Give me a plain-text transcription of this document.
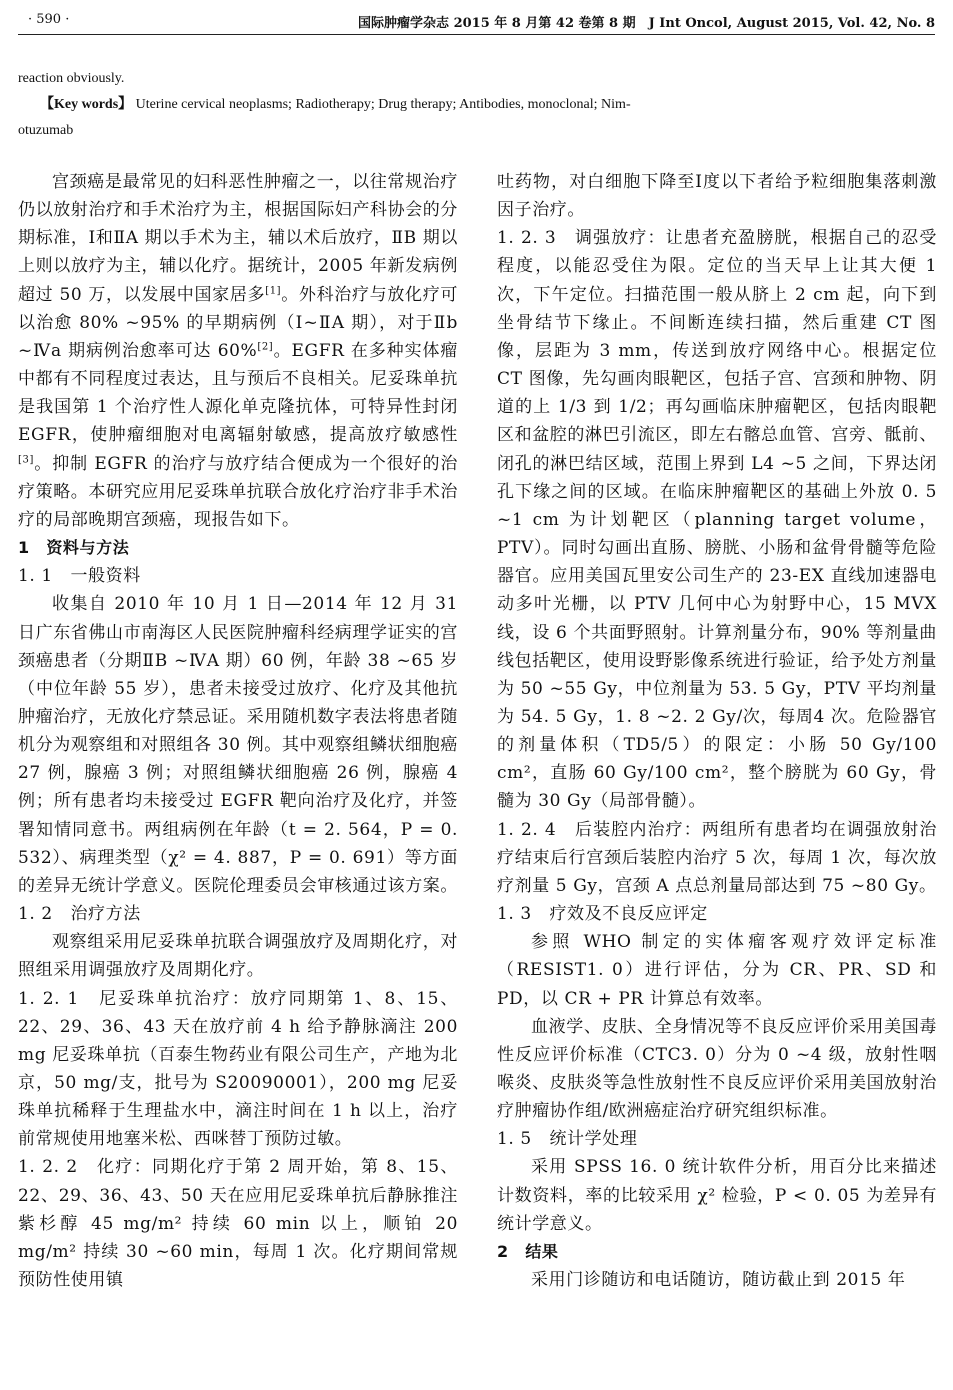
· 590 ·	国际肿瘤学杂志 2015 年 8 月第 42 卷第 8 期　J Int Oncol, August 2015, Vol. 42, No. 8

reaction obviously.

【Key words】 Uterine cervical neoplasms; Radiotherapy; Drug therapy; Antibodies, monoclonal; Nim-

otuzumab

宫颈癌是最常见的妇科恶性肿瘤之一，以往常规治疗仍以放射治疗和手术治疗为主，根据国际妇产科协会的分期标准，Ⅰ和ⅡA 期以手术为主，辅以术后放疗，ⅡB 期以上则以放疗为主，辅以化疗。据统计，2005 年新发病例超过 50 万，以发展中国家居多[1]。外科治疗与放化疗可以治愈 80% ~95% 的早期病例（Ⅰ~ⅡA 期），对于Ⅱb ~Ⅳa 期病例治愈率可达 60%[2]。EGFR 在多种实体瘤中都有不同程度过表达，且与预后不良相关。尼妥珠单抗是我国第 1 个治疗性人源化单克隆抗体，可特异性封闭 EGFR，使肿瘤细胞对电离辐射敏感，提高放疗敏感性[3]。抑制 EGFR 的治疗与放疗结合便成为一个很好的治疗策略。本研究应用尼妥珠单抗联合放化疗治疗非手术治疗的局部晚期宫颈癌，现报告如下。

1　资料与方法

1. 1　一般资料

收集自 2010 年 10 月 1 日—2014 年 12 月 31 日广东省佛山市南海区人民医院肿瘤科经病理学证实的宫颈癌患者（分期ⅡB ~ⅣA 期）60 例，年龄 38 ~65 岁（中位年龄 55 岁），患者未接受过放疗、化疗及其他抗肿瘤治疗，无放化疗禁忌证。采用随机数字表法将患者随机分为观察组和对照组各 30 例。其中观察组鳞状细胞癌 27 例，腺癌 3 例；对照组鳞状细胞癌 26 例，腺癌 4 例；所有患者均未接受过 EGFR 靶向治疗及化疗，并签署知情同意书。两组病例在年龄（t = 2. 564，P = 0. 532）、病理类型（χ² = 4. 887，P = 0. 691）等方面的差异无统计学意义。医院伦理委员会审核通过该方案。

1. 2　治疗方法

观察组采用尼妥珠单抗联合调强放疗及周期化疗，对照组采用调强放疗及周期化疗。

1. 2. 1　尼妥珠单抗治疗：放疗同期第 1、8、15、22、29、36、43 天在放疗前 4 h 给予静脉滴注 200 mg 尼妥珠单抗（百泰生物药业有限公司生产，产地为北京，50 mg/支，批号为 S20090001），200 mg 尼妥珠单抗稀释于生理盐水中，滴注时间在 1 h 以上，治疗前常规使用地塞米松、西咪替丁预防过敏。

1. 2. 2　化疗：同期化疗于第 2 周开始，第 8、15、22、29、36、43、50 天在应用尼妥珠单抗后静脉推注紫杉醇 45 mg/m² 持续 60 min 以上，顺铂 20 mg/m² 持续 30 ~60 min，每周 1 次。化疗期间常规预防性使用镇

吐药物，对白细胞下降至Ⅰ度以下者给予粒细胞集落刺激因子治疗。

1. 2. 3　调强放疗：让患者充盈膀胱，根据自己的忍受程度，以能忍受住为限。定位的当天早上让其大便 1 次，下午定位。扫描范围一般从脐上 2 cm 起，向下到坐骨结节下缘止。不间断连续扫描，然后重建 CT 图像，层距为 3 mm，传送到放疗网络中心。根据定位 CT 图像，先勾画肉眼靶区，包括子宫、宫颈和肿物、阴道的上 1/3 到 1/2；再勾画临床肿瘤靶区，包括肉眼靶区和盆腔的淋巴引流区，即左右髂总血管、宫旁、骶前、闭孔的淋巴结区域，范围上界到 L4 ~5 之间，下界达闭孔下缘之间的区域。在临床肿瘤靶区的基础上外放 0. 5 ~1 cm 为计划靶区（planning target volume，PTV）。同时勾画出直肠、膀胱、小肠和盆骨骨髓等危险器官。应用美国瓦里安公司生产的 23-EX 直线加速器电动多叶光栅，以 PTV 几何中心为射野中心，15 MVX 线，设 6 个共面野照射。计算剂量分布，90% 等剂量曲线包括靶区，使用设野影像系统进行验证，给予处方剂量为 50 ~55 Gy，中位剂量为 53. 5 Gy，PTV 平均剂量为 54. 5 Gy，1. 8 ~2. 2 Gy/次，每周4 次。危险器官的剂量体积（TD5/5）的限定：小肠 50 Gy/100 cm²，直肠 60 Gy/100 cm²，整个膀胱为 60 Gy，骨髓为 30 Gy（局部骨髓）。

1. 2. 4　后装腔内治疗：两组所有患者均在调强放射治疗结束后行宫颈后装腔内治疗 5 次，每周 1 次，每次放疗剂量 5 Gy，宫颈 A 点总剂量局部达到 75 ~80 Gy。

1. 3　疗效及不良反应评定

参照 WHO 制定的实体瘤客观疗效评定标准（RESIST1. 0）进行评估，分为 CR、PR、SD 和 PD，以 CR + PR 计算总有效率。

血液学、皮肤、全身情况等不良反应评价采用美国毒性反应评价标准（CTC3. 0）分为 0 ~4 级，放射性咽喉炎、皮肤炎等急性放射性不良反应评价采用美国放射治疗肿瘤协作组/欧洲癌症治疗研究组织标准。

1. 5　统计学处理

采用 SPSS 16. 0 统计软件分析，用百分比来描述计数资料，率的比较采用 χ² 检验，P < 0. 05 为差异有统计学意义。

2　结果

采用门诊随访和电话随访，随访截止到 2015 年
